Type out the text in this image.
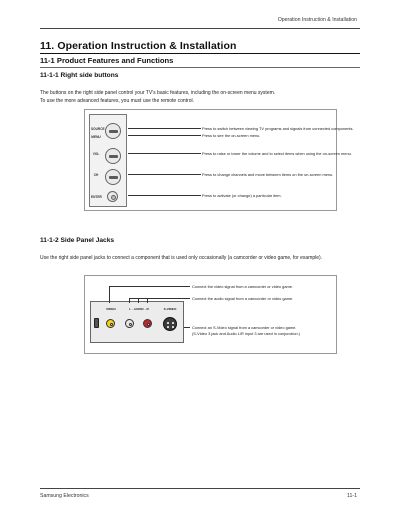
Operation Instruction & Installation
11. Operation Instruction & Installation
11-1 Product Features and Functions
11-1-1 Right side buttons
The buttons on the right side panel control your TV's basic features, including the on-screen menu system.
To use the more advanced features, you must use the remote control.
SOURCE
MENU
VOL
CH
ENTER
Press to switch between viewing TV programs and signals from connected components.
Press to see the on-screen menu.
Press to raise or lower the volume and to select items when using the on-screen menu.
Press to change channels and move between items on the on-screen menu.
Press to activate (or change) a particular item.
11-1-2 Side Panel Jacks
Use the right side panel jacks to connect a component that is used only occasionally (a camcorder or video game, for example).
VIDEO	L - AUDIO - R	S-VIDEO
Connect the video signal from a camcorder or video game.
Connect the audio signal from a camcorder or video game.
Connect an S-Video signal from a camcorder or video game.
(S-Video 3 jack and Audio L/R input 3 are used in conjunction.)
Samsung Electronics	11-1
